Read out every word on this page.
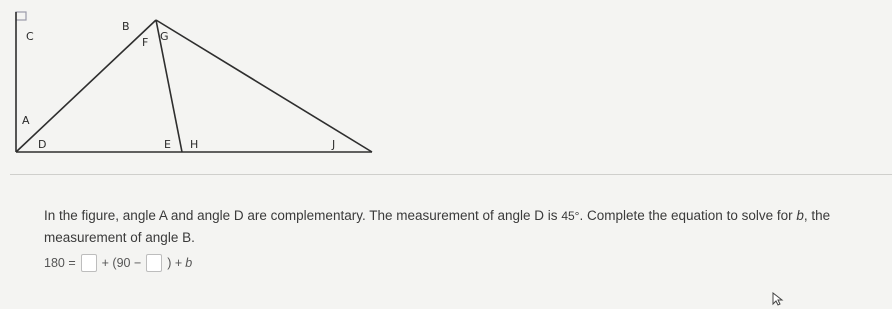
C
B
F G
A
D	E H	J
In the figure, angle A and angle D are complementary. The measurement of angle D is 45°. Complete the equation to solve for b, the
measurement of angle B.
180 = + (90 − ) + b
